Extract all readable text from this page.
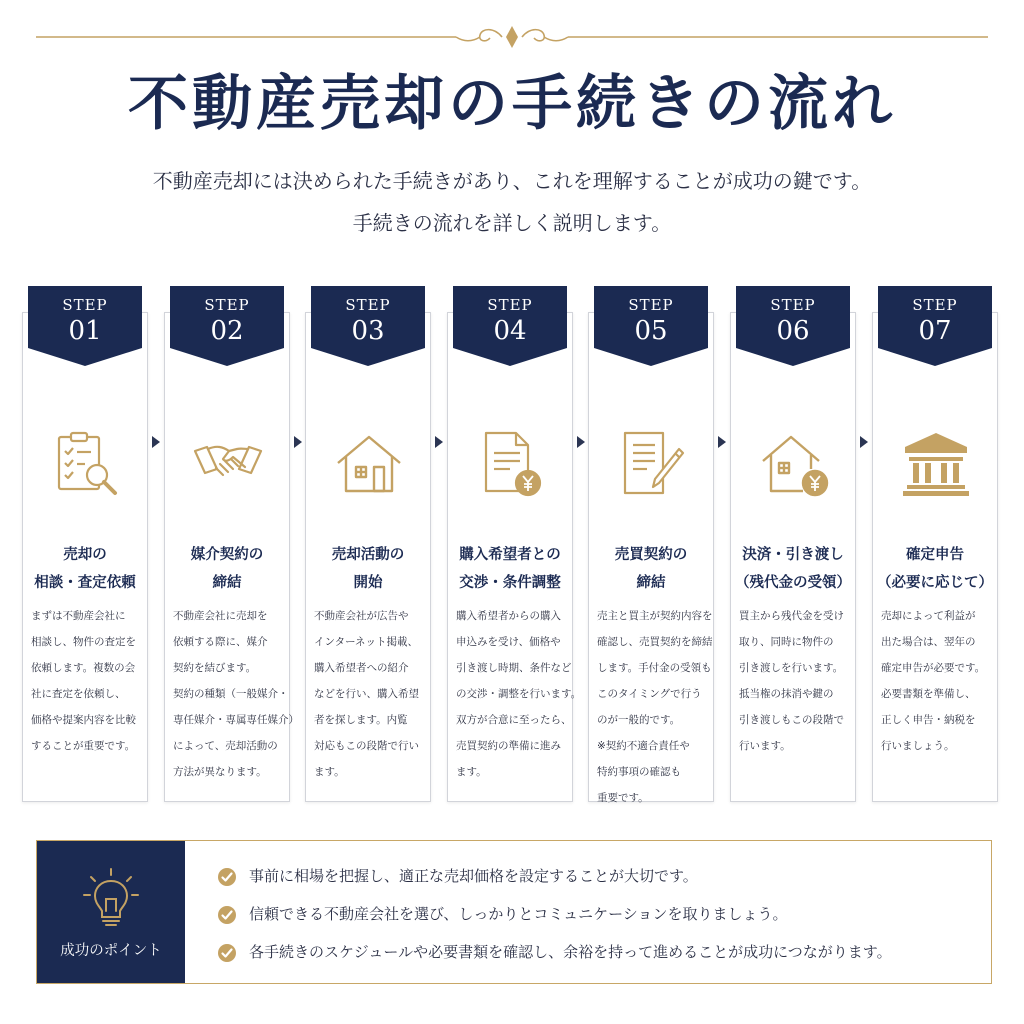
不動産売却の手続きの流れ
不動産売却には決められた手続きがあり、これを理解することが成功の鍵です。
手続きの流れを詳しく説明します。
売却の
相談・査定依頼
まずは不動産会社に
相談し、物件の査定を
依頼します。複数の会
社に査定を依頼し、
価格や提案内容を比較
することが重要です。
STEP
01
媒介契約の
締結
不動産会社に売却を
依頼する際に、媒介
契約を結びます。
契約の種類（一般媒介・
専任媒介・専属専任媒介）
によって、売却活動の
方法が異なります。
STEP
02
売却活動の
開始
不動産会社が広告や
インターネット掲載、
購入希望者への紹介
などを行い、購入希望
者を探します。内覧
対応もこの段階で行い
ます。
STEP
03
購入希望者との
交渉・条件調整
購入希望者からの購入
申込みを受け、価格や
引き渡し時期、条件など
の交渉・調整を行います。
双方が合意に至ったら、
売買契約の準備に進み
ます。
STEP
04
売買契約の
締結
売主と買主が契約内容を
確認し、売買契約を締結
します。手付金の受領も
このタイミングで行う
のが一般的です。
※契約不適合責任や
特約事項の確認も
重要です。
STEP
05
決済・引き渡し
（残代金の受領）
買主から残代金を受け
取り、同時に物件の
引き渡しを行います。
抵当権の抹消や鍵の
引き渡しもこの段階で
行います。
STEP
06
確定申告
（必要に応じて）
売却によって利益が
出た場合は、翌年の
確定申告が必要です。
必要書類を準備し、
正しく申告・納税を
行いましょう。
STEP
07
成功のポイント
事前に相場を把握し、適正な売却価格を設定することが大切です。
信頼できる不動産会社を選び、しっかりとコミュニケーションを取りましょう。
各手続きのスケジュールや必要書類を確認し、余裕を持って進めることが成功につながります。
